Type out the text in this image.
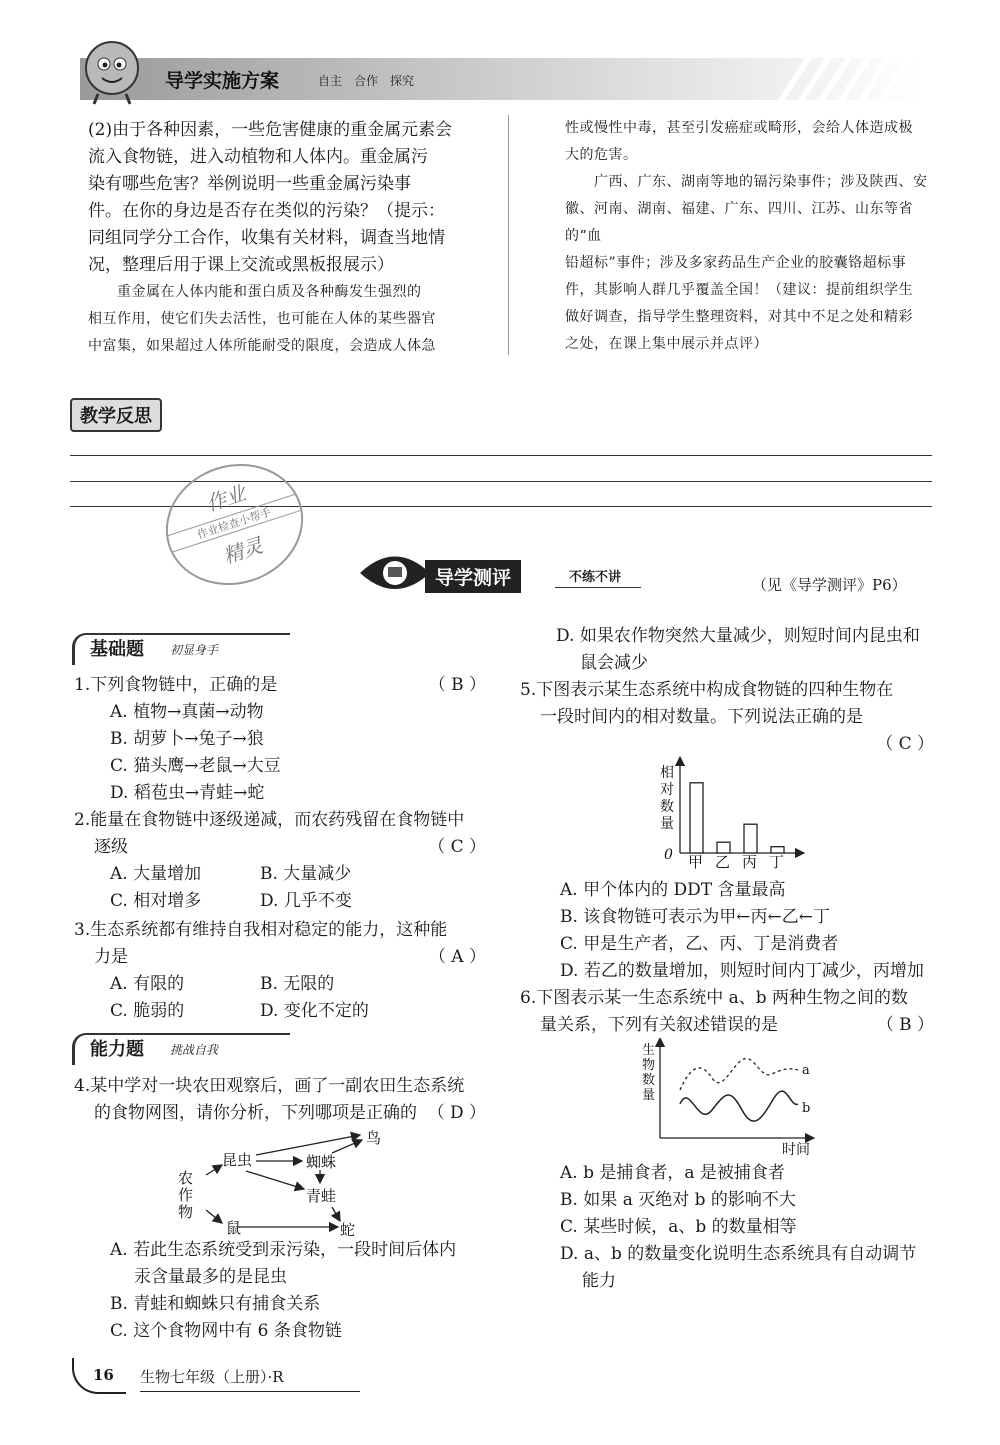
导学实施方案	自主　合作　探究
(2)由于各种因素，一些危害健康的重金属元素会
流入食物链，进入动植物和人体内。重金属污
染有哪些危害？举例说明一些重金属污染事
件。在你的身边是否存在类似的污染？（提示：
同组同学分工合作，收集有关材料，调查当地情
况，整理后用于课上交流或黑板报展示）
　　重金属在人体内能和蛋白质及各种酶发生强烈的
相互作用，使它们失去活性，也可能在人体的某些器官
中富集，如果超过人体所能耐受的限度，会造成人体急
性或慢性中毒，甚至引发癌症或畸形，会给人体造成极
大的危害。
　　广西、广东、湖南等地的镉污染事件；涉及陕西、安
徽、河南、湖南、福建、广东、四川、江苏、山东等省的“血
铅超标”事件；涉及多家药品生产企业的胶囊铬超标事
件，其影响人群几乎覆盖全国！（建议：提前组织学生
做好调查，指导学生整理资料，对其中不足之处和精彩
之处，在课上集中展示并点评）
教学反思
作业
作业检查小帮手
精灵
导学测评	不练不讲	（见《导学测评》P6）
基础题 初显身手
1.下列食物链中，正确的是	（ B ）
A. 植物→真菌→动物
B. 胡萝卜→兔子→狼
C. 猫头鹰→老鼠→大豆
D. 稻苞虫→青蛙→蛇
2.能量在食物链中逐级递减，而农药残留在食物链中
逐级	（ C ）
A. 大量增加	B. 大量减少
C. 相对增多	D. 几乎不变
3.生态系统都有维持自我相对稳定的能力，这种能
力是	（ A ）
A. 有限的	B. 无限的
C. 脆弱的	D. 变化不定的
能力题 挑战自我
4.某中学对一块农田观察后，画了一副农田生态系统
的食物网图，请你分析，下列哪项是正确的 （ D ）
农
作
物
昆虫
鸟
蜘蛛
青蛙
鼠	蛇
A. 若此生态系统受到汞污染，一段时间后体内
汞含量最多的是昆虫
B. 青蛙和蜘蛛只有捕食关系
C. 这个食物网中有 6 条食物链
D. 如果农作物突然大量减少，则短时间内昆虫和
鼠会减少
5.下图表示某生态系统中构成食物链的四种生物在
一段时间内的相对数量。下列说法正确的是
（ C ）
相
对
数
量
0 甲 乙 丙 丁
A. 甲个体内的 DDT 含量最高
B. 该食物链可表示为甲←丙←乙←丁
C. 甲是生产者，乙、丙、丁是消费者
D. 若乙的数量增加，则短时间内丁减少，丙增加
6.下图表示某一生态系统中 a、b 两种生物之间的数
量关系，下列有关叙述错误的是	（ B ）
生
物
数
量
a
b
时间
A. b 是捕食者，a 是被捕食者
B. 如果 a 灭绝对 b 的影响不大
C. 某些时候，a、b 的数量相等
D. a、b 的数量变化说明生态系统具有自动调节
能力
16 生物七年级（上册）·R
